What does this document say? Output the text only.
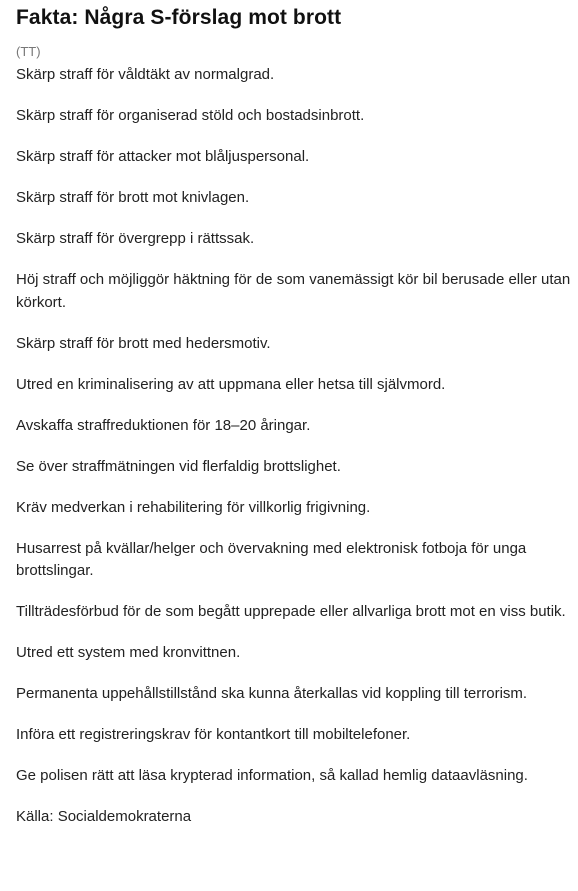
Fakta: Några S-förslag mot brott
(TT)

Skärp straff för våldtäkt av normalgrad.

Skärp straff för organiserad stöld och bostadsinbrott.

Skärp straff för attacker mot blåljuspersonal.

Skärp straff för brott mot knivlagen.

Skärp straff för övergrepp i rättssak.

Höj straff och möjliggör häktning för de som vanemässigt kör bil berusade eller utan körkort.

Skärp straff för brott med hedersmotiv.

Utred en kriminalisering av att uppmana eller hetsa till självmord.

Avskaffa straffreduktionen för 18–20 åringar.

Se över straffmätningen vid flerfaldig brottslighet.

Kräv medverkan i rehabilitering för villkorlig frigivning.

Husarrest på kvällar/helger och övervakning med elektronisk fotboja för unga brottslingar.

Tillträdesförbud för de som begått upprepade eller allvarliga brott mot en viss butik.

Utred ett system med kronvittnen.

Permanenta uppehållstillstånd ska kunna återkallas vid koppling till terrorism.

Införa ett registreringskrav för kontantkort till mobiltelefoner.

Ge polisen rätt att läsa krypterad information, så kallad hemlig dataavläsning.

Källa: Socialdemokraterna
